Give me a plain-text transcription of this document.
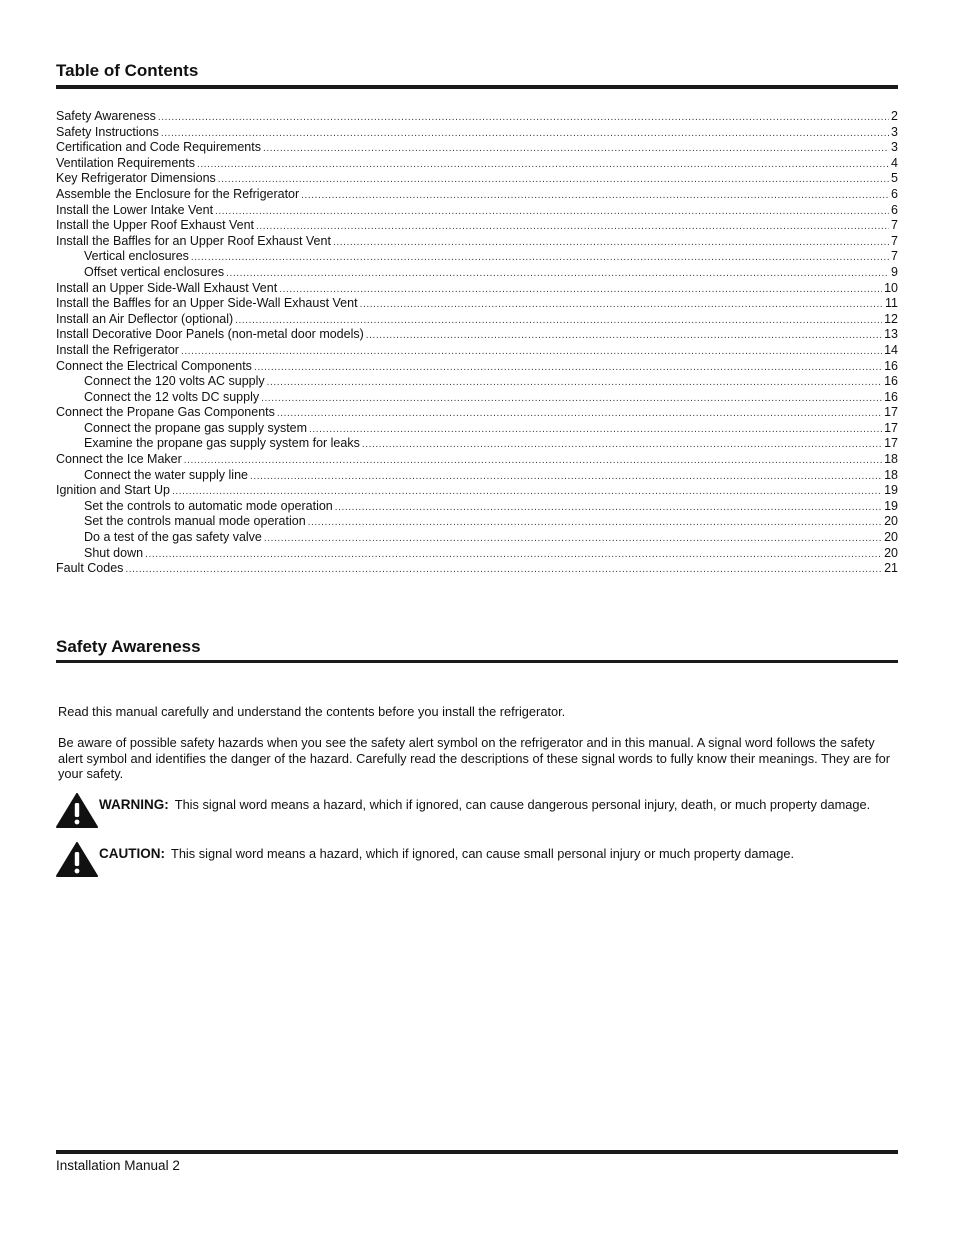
Table of Contents
Safety Awareness .....	2
Safety Instructions .....	3
Certification and Code Requirements .....	3
Ventilation Requirements .....	4
Key Refrigerator Dimensions .....	5
Assemble the Enclosure for the Refrigerator .....	6
Install the Lower Intake Vent .....	6
Install the Upper Roof Exhaust Vent .....	7
Install the Baffles for an Upper Roof Exhaust Vent .....	7
Vertical enclosures .....	7
Offset vertical enclosures .....	9
Install an Upper Side-Wall Exhaust Vent .....	10
Install the Baffles for an Upper Side-Wall Exhaust Vent .....	11
Install an Air Deflector (optional) .....	12
Install Decorative Door Panels (non-metal door models) .....	13
Install the Refrigerator .....	14
Connect the Electrical Components .....	16
Connect the 120 volts AC supply .....	16
Connect the 12 volts DC supply .....	16
Connect the Propane Gas Components .....	17
Connect the propane gas supply system .....	17
Examine the propane gas supply system for leaks .....	17
Connect the Ice Maker .....	18
Connect the water supply line .....	18
Ignition and Start Up .....	19
Set the controls to automatic mode operation .....	19
Set the controls manual mode operation .....	20
Do a test of the gas safety valve .....	20
Shut down .....	20
Fault Codes .....	21
Safety Awareness

Read this manual carefully and understand the contents before you install the refrigerator.

Be aware of possible safety hazards when you see the safety alert symbol on the refrigerator and in this manual. A signal word follows the safety alert symbol and identifies the danger of the hazard. Carefully read the descriptions of these signal words to fully know their meanings. They are for your safety.

WARNING: This signal word means a hazard, which if ignored, can cause dangerous personal injury, death, or much property damage.
CAUTION: This signal word means a hazard, which if ignored, can cause small personal injury or much property damage.
Installation Manual 2
